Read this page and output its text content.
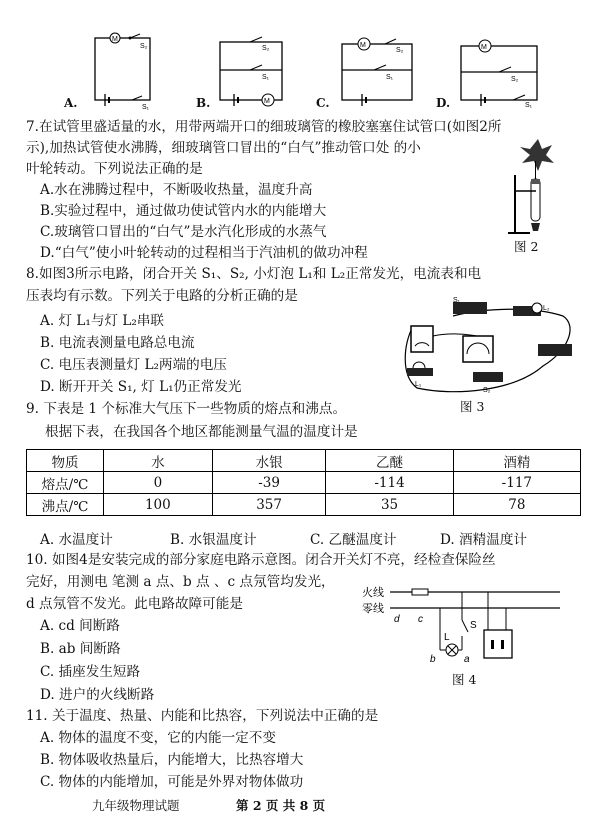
M
S₂
S₁
A.
S₂
S₁
M
B.
M
S₂
S₁
C.
M
S₂
S₁
D.
7.在试管里盛适量的水，用带两端开口的细玻璃管的橡胶塞塞住试管口(如图2所
示),加热试管使水沸腾，细玻璃管口冒出的“白气”推动管口处 的小
叶轮转动。下列说法正确的是
A.水在沸腾过程中，不断吸收热量，温度升高
B.实验过程中，通过做功使试管内水的内能增大
C.玻璃管口冒出的“白气”是水汽化形成的水蒸气
D.“白气”使小叶轮转动的过程相当于汽油机的做功冲程	图 2
8.如图3所示电路，闭合开关 S₁、S₂, 小灯泡 L₁和 L₂正常发光，电流表和电
压表均有示数。下列关于电路的分析正确的是
A. 灯 L₁与灯 L₂串联
B. 电流表测量电路总电流
C. 电压表测量灯 L₂两端的电压
D. 断开开关 S₁, 灯 L₁仍正常发光
S₁
L₂
L₁
S₂
图 3
9. 下表是 1 个标准大气压下一些物质的熔点和沸点。
根据下表，在我国各个地区都能测量气温的温度计是
物质	水	水银	乙醚	酒精
熔点/℃	0	-39	-114	-117
沸点/℃	100	357	35	78
A. 水温度计	B. 水银温度计	C. 乙醚温度计	D. 酒精温度计
10. 如图4是安装完成的部分家庭电路示意图。闭合开关灯不亮，经检查保险丝
完好，用测电 笔测 a 点、b 点 、c 点氖管均发光，
d 点氖管不发光。此电路故障可能是
A. cd 间断路
B. ab 间断路
C. 插座发生短路
D. 进户的火线断路
火线
零线
d c
S
L
b	a
图 4
11. 关于温度、热量、内能和比热容，下列说法中正确的是
A. 物体的温度不变，它的内能一定不变
B. 物体吸收热量后，内能增大，比热容增大
C. 物体的内能增加，可能是外界对物体做功
九年级物理试题	第 2 页 共 8 页
